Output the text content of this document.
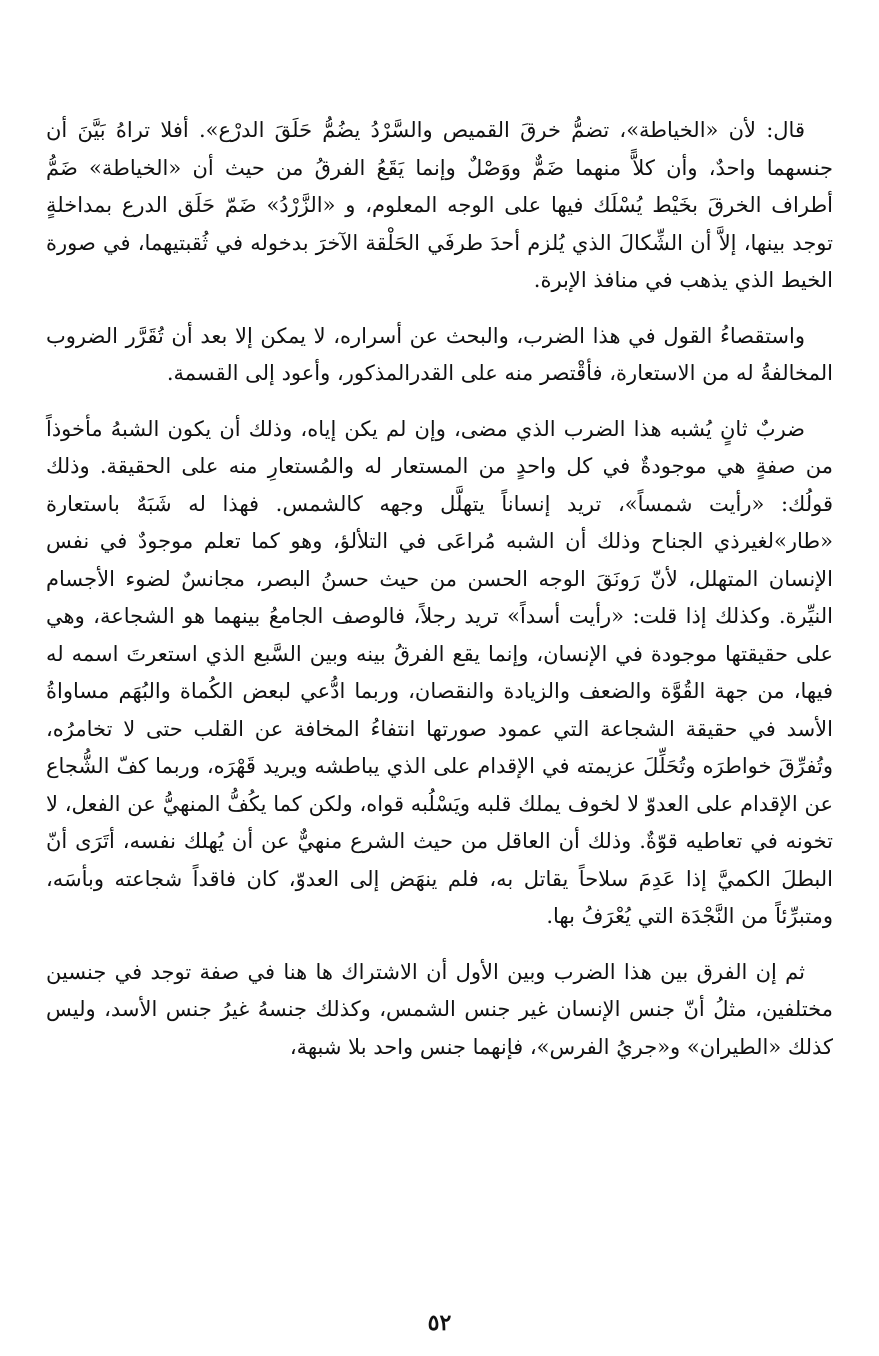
قال: لأن «الخياطة»، تضمُّ خرقَ القميص والسَّرْدُ يضُمُّ حَلَقَ الدرْع». أفلا تراهُ بَيَّنَ أن جنسهما واحدٌ، وأن كلاًّ منهما ضَمٌّ ووَصْلٌ وإنما يَقَعُ الفرقُ من حيث أن «الخياطة» ضَمُّ أطراف الخرقَ بخَيْط يُسْلَك فيها على الوجه المعلوم، و «الزَّرْدُ» ضَمّ حَلَق الدرع بمداخلةٍ توجد بينها، إلاَّ أن الشِّكالَ الذي يُلزم أحدَ طرفَي الحَلْقة الآخرَ بدخوله في ثُقبتيهما، في صورة الخيط الذي يذهب في منافذ الإبرة.

واستقصاءُ القول في هذا الضرب، والبحث عن أسراره، لا يمكن إلا بعد أن تُقَرَّر الضروب المخالفةُ له من الاستعارة، فأقْتصر منه على القدرالمذكور، وأعود إلى القسمة.

ضربٌ ثانٍ يُشبه هذا الضرب الذي مضى، وإن لم يكن إياه، وذلك أن يكون الشبهُ مأخوذاً من صفةٍ هي موجودةٌ في كل واحدٍ من المستعار له والمُستعارِ منه على الحقيقة. وذلك قولُك: «رأيت شمساً»، تريد إنساناً يتهلَّل وجهه كالشمس. فهذا له شَبَهٌ باستعارة «طار»لغيرذي الجناح وذلك أن الشبه مُراعَى في التلألؤ، وهو كما تعلم موجودٌ في نفس الإنسان المتهلل، لأنّ رَونَقَ الوجه الحسن من حيث حسنُ البصر، مجانسٌ لضوء الأجسام النيِّرة. وكذلك إذا قلت: «رأيت أسداً» تريد رجلاً، فالوصف الجامعُ بينهما هو الشجاعة، وهي على حقيقتها موجودة في الإنسان، وإنما يقع الفرقُ بينه وبين السَّبع الذي استعرتَ اسمه له فيها، من جهة القُوَّة والضعف والزيادة والنقصان، وربما ادُّعي لبعض الكُماة والبُهَم مساواةُ الأسد في حقيقة الشجاعة التي عمود صورتها انتفاءُ المخافة عن القلب حتى لا تخامرُه، وتُفرِّقَ خواطرَه وتُحَلِّلَ عزيمته في الإقدام على الذي يباطشه ويريد قَهْرَه، وربما كفّ الشُّجاع عن الإقدام على العدوّ لا لخوف يملك قلبه ويَسْلُبه قواه، ولكن كما يكُفُّ المنهيُّ عن الفعل، لا تخونه في تعاطيه قوّةٌ. وذلك أن العاقل من حيث الشرع منهيٌّ عن أن يُهلك نفسه، أتَرَى أنّ البطلَ الكميَّ إذا عَدِمَ سلاحاً يقاتل به، فلم ينهَض إلى العدوّ، كان فاقداً شجاعته وبأسَه، ومتبرِّئاً من النَّجْدَة التي يُعْرَفُ بها.

ثم إن الفرق بين هذا الضرب وبين الأول أن الاشتراك ها هنا في صفة توجد في جنسين مختلفين، مثلُ أنّ جنس الإنسان غير جنس الشمس، وكذلك جنسهُ غيرُ جنس الأسد، وليس كذلك «الطيران» و«جريُ الفرس»، فإنهما جنس واحد بلا شبهة،

٥٢
